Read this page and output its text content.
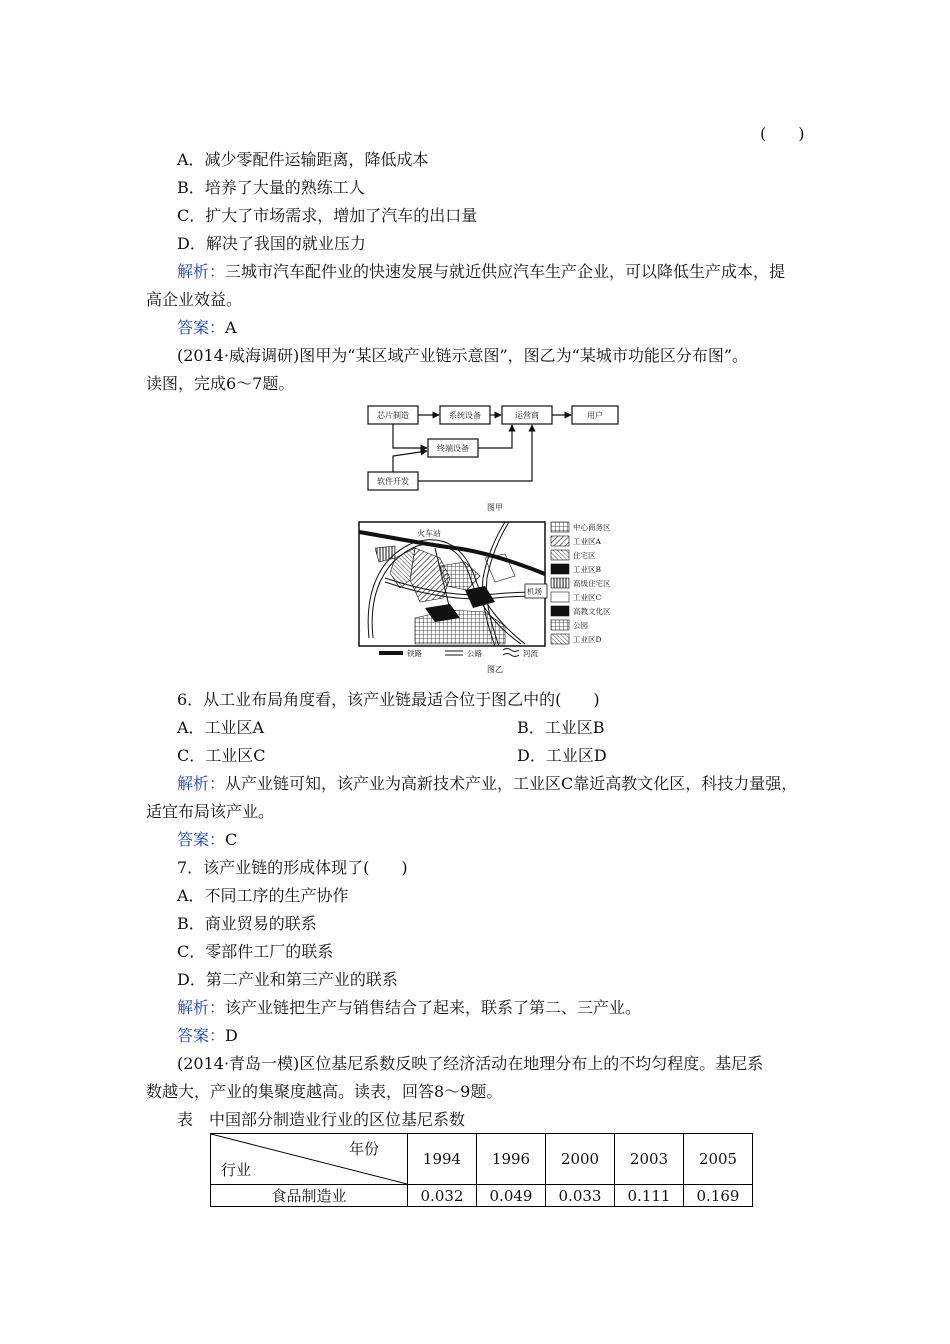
(　　)
A．减少零配件运输距离，降低成本
B．培养了大量的熟练工人
C．扩大了市场需求，增加了汽车的出口量
D．解决了我国的就业压力
解析：三城市汽车配件业的快速发展与就近供应汽车生产企业，可以降低生产成本，提
高企业效益。
答案：A
(2014·威海调研)图甲为“某区域产业链示意图”，图乙为“某城市功能区分布图”。
读图，完成6～7题。
芯片制造	系统设备	运营商	用户
终端设备
软件开发
图甲
火车站
机场
中心商务区
工业区A
住宅区
工业区B
高级住宅区
工业区C
高教文化区
公园
工业区D
铁路	公路	河流
图乙
6．从工业布局角度看，该产业链最适合位于图乙中的(　　)
A．工业区A	B．工业区B
C．工业区C	D．工业区D
解析：从产业链可知，该产业为高新技术产业，工业区C靠近高教文化区，科技力量强，
适宜布局该产业。
答案：C
7．该产业链的形成体现了(　　)
A．不同工序的生产协作
B．商业贸易的联系
C．零部件工厂的联系
D．第二产业和第三产业的联系
解析：该产业链把生产与销售结合了起来，联系了第二、三产业。
答案：D
(2014·青岛一模)区位基尼系数反映了经济活动在地理分布上的不均匀程度。基尼系
数越大，产业的集聚度越高。读表，回答8～9题。
表　中国部分制造业行业的区位基尼系数
年份
行业	1994	1996	2000	2003	2005
食品制造业	0.032	0.049	0.033	0.111	0.169
